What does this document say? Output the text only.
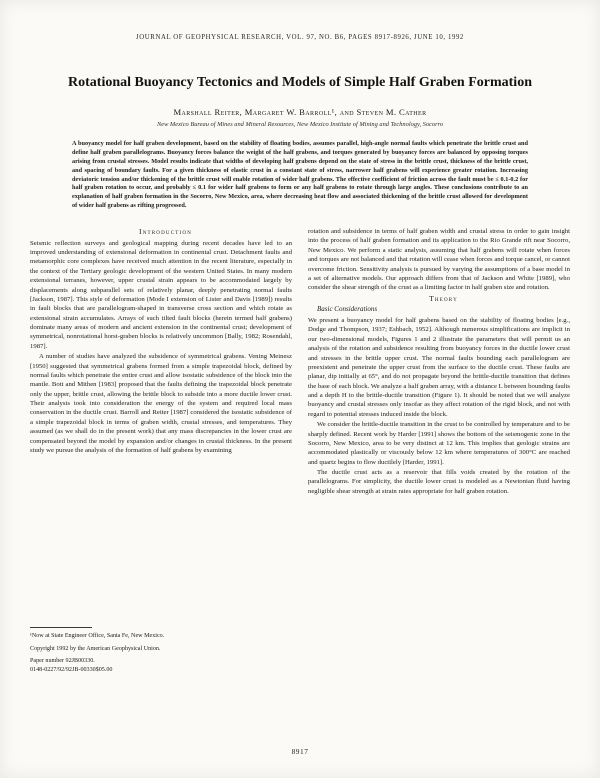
JOURNAL OF GEOPHYSICAL RESEARCH, VOL. 97, NO. B6, PAGES 8917-8926, JUNE 10, 1992
Rotational Buoyancy Tectonics and Models of Simple Half Graben Formation
Marshall Reiter, Margaret W. Barroll¹, and Steven M. Cather
New Mexico Bureau of Mines and Mineral Resources, New Mexico Institute of Mining and Technology, Socorro
A buoyancy model for half graben development, based on the stability of floating bodies, assumes parallel, high-angle normal faults which penetrate the brittle crust and define half graben parallelograms. Buoyancy forces balance the weight of the half grabens, and torques generated by buoyancy forces are balanced by opposing torques arising from crustal stresses. Model results indicate that widths of developing half grabens depend on the state of stress in the brittle crust, thickness of the brittle crust, and spacing of boundary faults. For a given thickness of elastic crust in a constant state of stress, narrower half grabens will experience greater rotation. Increasing deviatoric tension and/or thickening of the brittle crust will enable rotation of wider half grabens. The effective coefficient of friction across the fault must be ≤ 0.1-0.2 for half graben rotation to occur, and probably ≤ 0.1 for wider half grabens to form or any half grabens to rotate through large angles. These conclusions contribute to an explanation of half graben formation in the Socorro, New Mexico, area, where decreasing heat flow and associated thickening of the brittle crust allowed for development of wider half grabens as rifting progressed.

Introduction

Seismic reflection surveys and geological mapping during recent decades have led to an improved understanding of extensional deformation in continental crust. Detachment faults and metamorphic core complexes have received much attention in the recent literature, especially in the context of the Tertiary geologic development of the western United States. In many modern extensional terranes, however, upper crustal strain appears to be accommodated largely by displacements along subparallel sets of relatively planar, deeply penetrating normal faults [Jackson, 1987]. This style of deformation (Mode I extension of Lister and Davis [1989]) results in fault blocks that are parallelogram-shaped in transverse cross section and which rotate as extensional strain accumulates. Arrays of such tilted fault blocks (herein termed half grabens) dominate many areas of modern and ancient extension in the continental crust; development of symmetrical, nonrotational horst-graben blocks is relatively uncommon [Bally, 1982; Rosendahl, 1987].

A number of studies have analyzed the subsidence of symmetrical grabens. Vening Meinesz [1950] suggested that symmetrical grabens formed from a simple trapezoidal block, defined by normal faults which penetrate the entire crust and allow isostatic subsidence of the block into the mantle. Bott and Mithen [1983] proposed that the faults defining the trapezoidal block penetrate only the upper, brittle crust, allowing the brittle block to subside into a more ductile lower crust. Their analysis took into consideration the energy of the system and required local mass conservation in the ductile crust. Barroll and Reiter [1987] considered the isostatic subsidence of a simple trapezoidal block in terms of graben width, crustal stresses, and temperatures. They assumed (as we shall do in the present work) that any mass discrepancies in the lower crust are compensated beyond the model by expansion and/or changes in crustal thickness. In the present study we pursue the analysis of the formation of half grabens by examining

¹Now at State Engineer Office, Santa Fe, New Mexico.
Copyright 1992 by the American Geophysical Union.
Paper number 92JB00330.
0148-0227/92/92JB-00330$05.00

rotation and subsidence in terms of half graben width and crustal stress in order to gain insight into the process of half graben formation and its application to the Rio Grande rift near Socorro, New Mexico. We perform a static analysis, assuming that half grabens will rotate when forces and torques are not balanced and that rotation will cease when forces and torque cancel, or cannot overcome friction. Sensitivity analysis is pursued by varying the assumptions of a base model in a set of alternative models. Our approach differs from that of Jackson and White [1989], who consider the shear strength of the crust as a limiting factor in half graben size and rotation.

Theory

Basic Considerations

We present a buoyancy model for half grabens based on the stability of floating bodies [e.g., Dodge and Thompson, 1937; Eshbach, 1952]. Although numerous simplifications are implicit in our two-dimensional models, Figures 1 and 2 illustrate the parameters that will permit us an analysis of the rotation and subsidence resulting from buoyancy forces in the ductile lower crust and stresses in the brittle upper crust. The normal faults bounding each parallelogram are preexistent and penetrate the upper crust from the surface to the ductile crust. These faults are planar, dip initially at 65°, and do not propagate beyond the brittle-ductile transition that defines the base of each block. We analyze a half graben array, with a distance L between bounding faults and a depth H to the brittle-ductile transition (Figure 1). It should be noted that we will analyze buoyancy and crustal stresses only insofar as they affect rotation of the rigid block, and not with regard to potential stresses induced inside the block.

We consider the brittle-ductile transition in the crust to be controlled by temperature and to be sharply defined. Recent work by Harder [1991] shows the bottom of the seismogenic zone in the Socorro, New Mexico, area to be very distinct at 12 km. This implies that geologic strains are accommodated plastically or viscously below 12 km where temperatures of 300°C are reached and quartz begins to flow ductilely [Harder, 1991].

The ductile crust acts as a reservoir that fills voids created by the rotation of the parallelograms. For simplicity, the ductile lower crust is modeled as a Newtonian fluid having negligible shear strength at strain rates appropriate for half graben rotation.

8917
